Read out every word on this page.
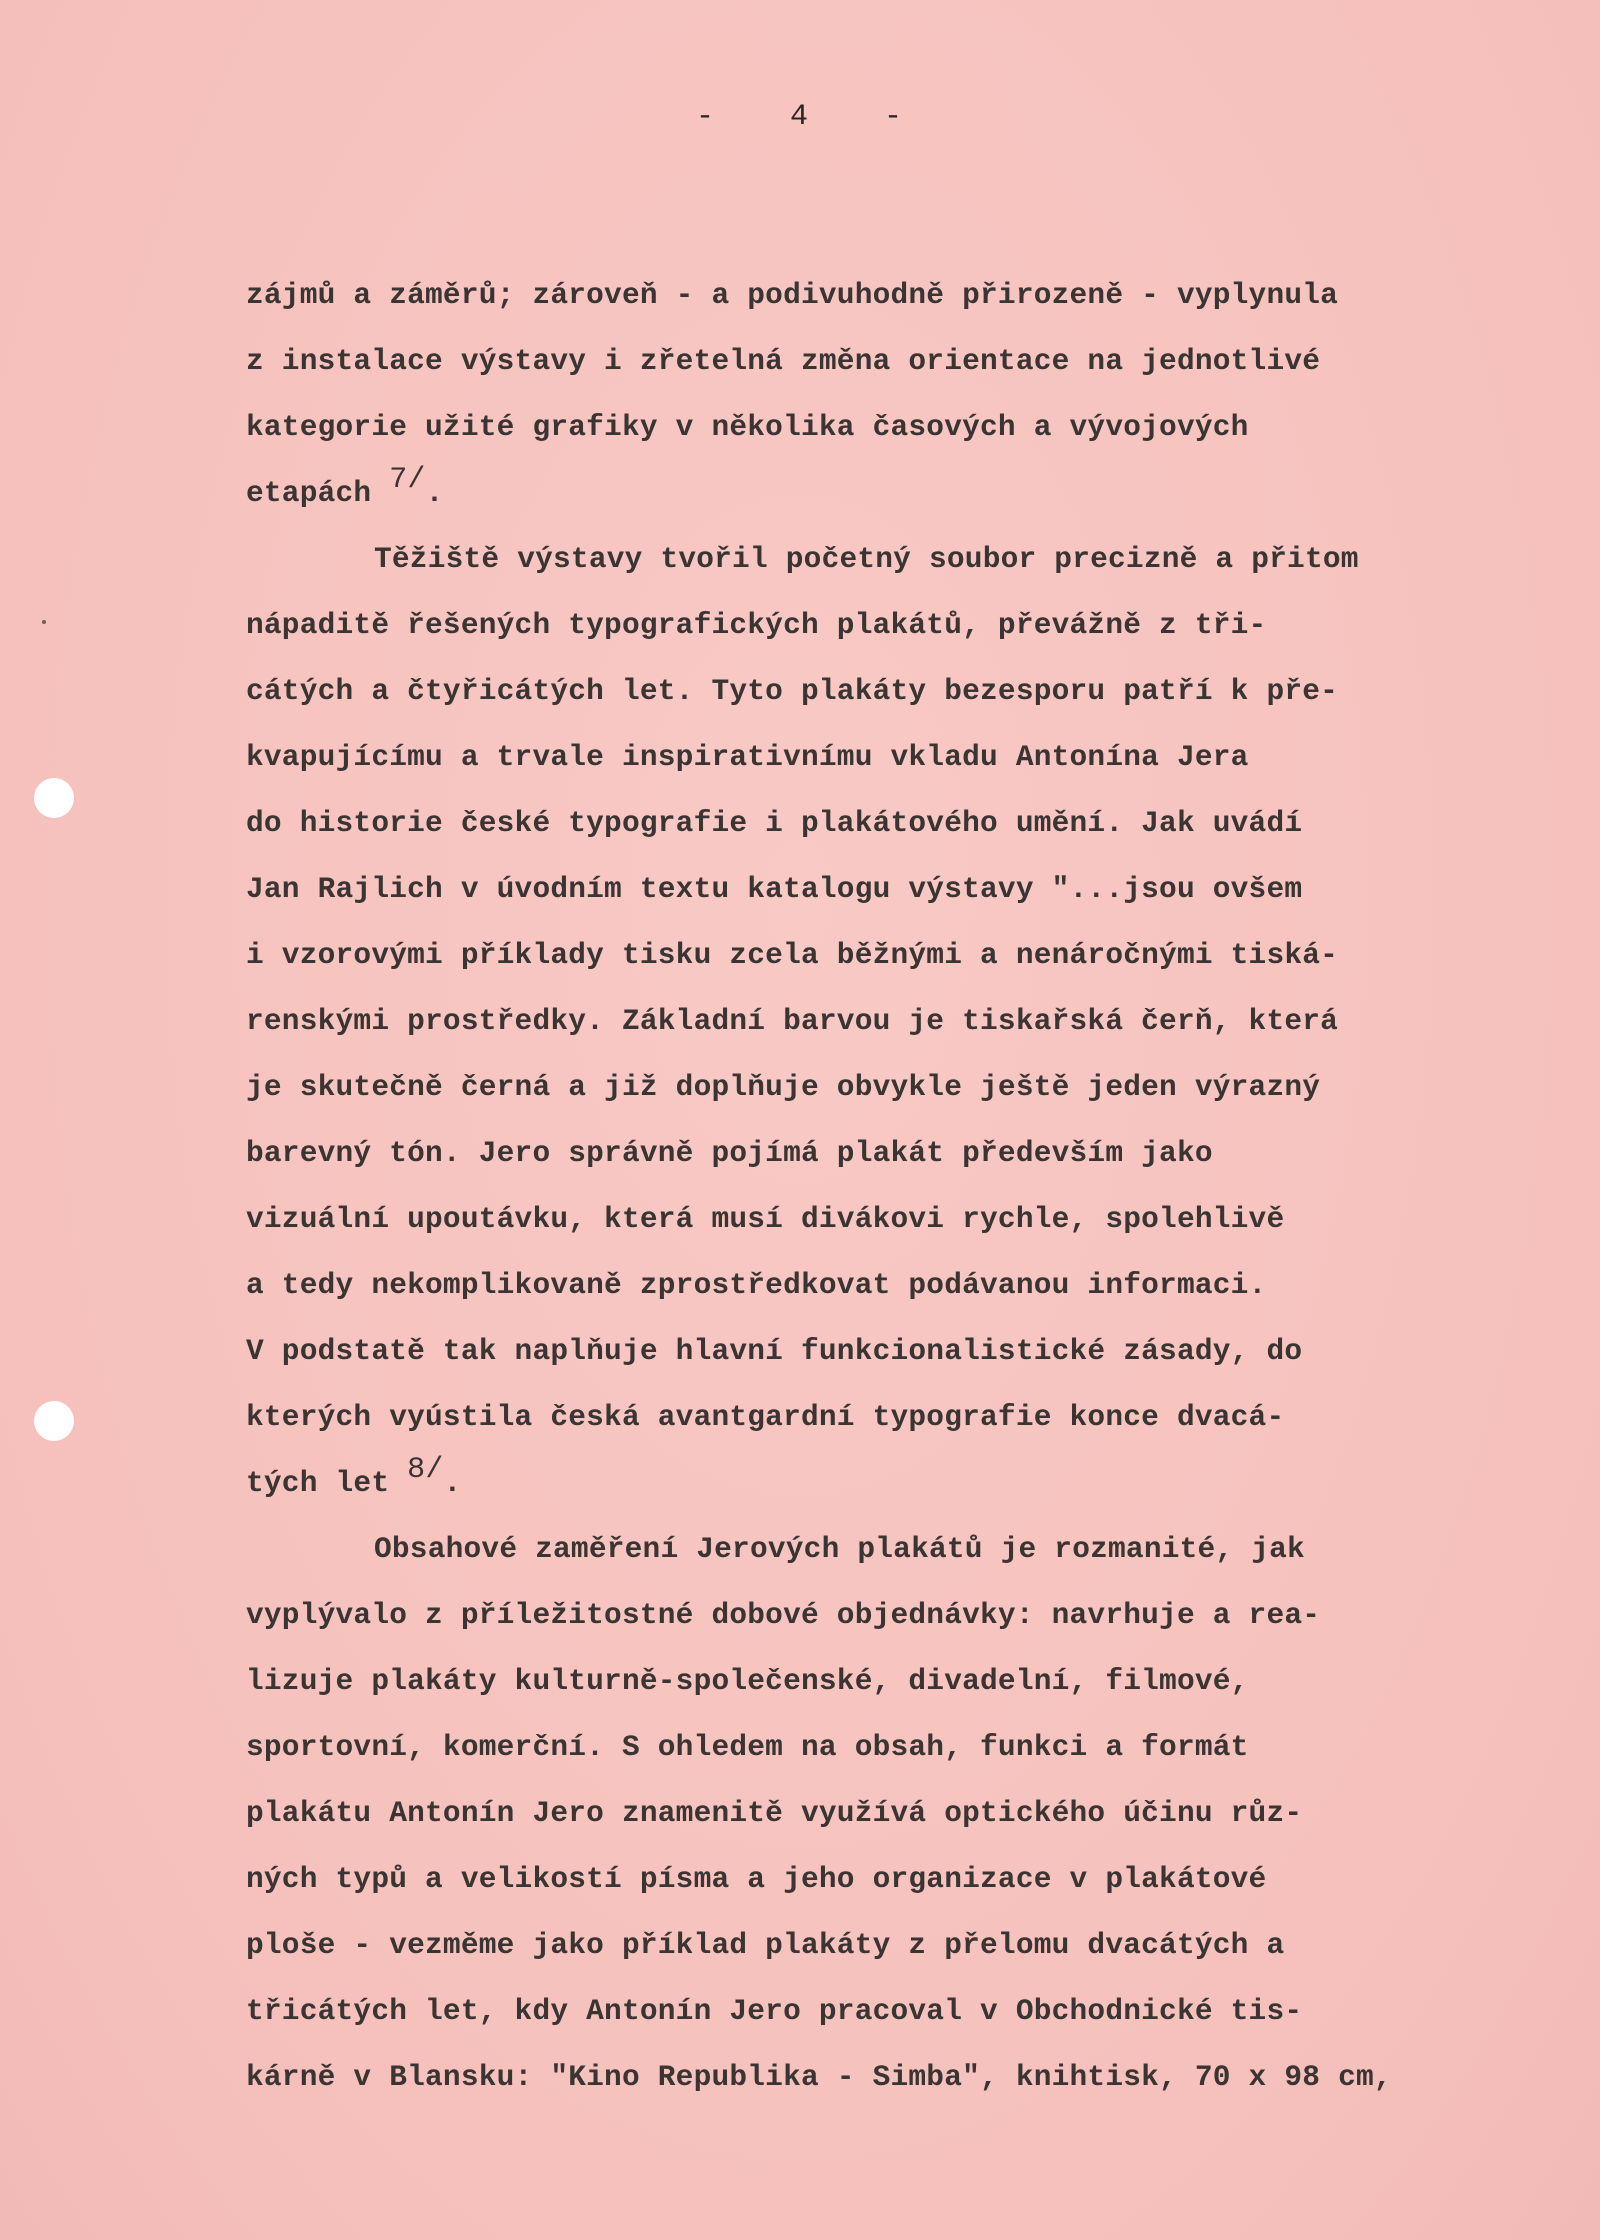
- 4 -
zájmů a záměrů; zároveň - a podivuhodně přirozeně - vyplynula
z instalace výstavy i zřetelná změna orientace na jednotlivé
kategorie užité grafiky v několika časových a vývojových
etapách $^{7/}$.
Těžiště výstavy tvořil početný soubor precizně a přitom
nápaditě řešených typografických plakátů, převážně z tři-
cátých a čtyřicátých let. Tyto plakáty bezesporu patří k pře-
kvapujícímu a trvale inspirativnímu vkladu Antonína Jera
do historie české typografie i plakátového umění. Jak uvádí
Jan Rajlich v úvodním textu katalogu výstavy "...jsou ovšem
i vzorovými příklady tisku zcela běžnými a nenáročnými tiská-
renskými prostředky. Základní barvou je tiskařská čerň, která
je skutečně černá a již doplňuje obvykle ještě jeden výrazný
barevný tón. Jero správně pojímá plakát především jako
vizuální upoutávku, která musí divákovi rychle, spolehlivě
a tedy nekomplikovaně zprostředkovat podávanou informaci.
V podstatě tak naplňuje hlavní funkcionalistické zásady, do
kterých vyústila česká avantgardní typografie konce dvacá-
tých let $^{8/}$.
Obsahové zaměření Jerových plakátů je rozmanité, jak
vyplývalo z příležitostné dobové objednávky: navrhuje a rea-
lizuje plakáty kulturně-společenské, divadelní, filmové,
sportovní, komerční. S ohledem na obsah, funkci a formát
plakátu Antonín Jero znamenitě využívá optického účinu růz-
ných typů a velikostí písma a jeho organizace v plakátové
ploše - vezměme jako příklad plakáty z přelomu dvacátých a
třicátých let, kdy Antonín Jero pracoval v Obchodnické tis-
kárně v Blansku: "Kino Republika - Simba", knihtisk, 70 x 98 cm,
